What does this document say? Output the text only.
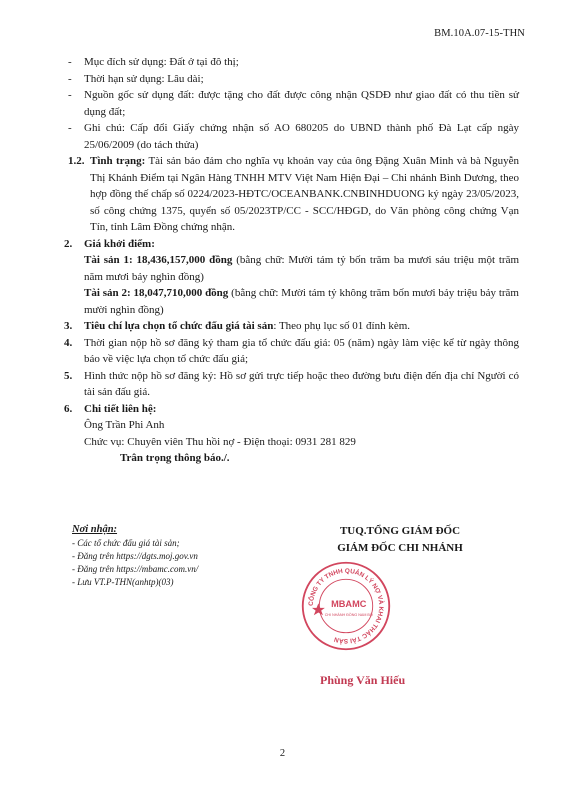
BM.10A.07-15-THN
- Mục đích sử dụng: Đất ở tại đô thị;
- Thời hạn sử dụng: Lâu dài;
- Nguồn gốc sử dụng đất: được tặng cho đất được công nhận QSDĐ như giao đất có thu tiền sử dụng đất;
- Ghi chú: Cấp đổi Giấy chứng nhận số AO 680205 do UBND thành phố Đà Lạt cấp ngày 25/06/2009 (do tách thửa)
1.2. Tình trạng: Tài sản bảo đảm cho nghĩa vụ khoản vay của ông Đặng Xuân Minh và bà Nguyễn Thị Khánh Điểm tại Ngân Hàng TNHH MTV Việt Nam Hiện Đại – Chi nhánh Bình Dương, theo hợp đồng thế chấp số 0224/2023-HĐTC/OCEANBANK.CNBINHDUONG ký ngày 23/05/2023, số công chứng 1375, quyển số 05/2023TP/CC - SCC/HĐGD, do Văn phòng công chứng Vạn Tín, tỉnh Lâm Đồng chứng nhận.
2. Giá khởi điểm:
Tài sản 1: 18,436,157,000 đồng (bằng chữ: Mười tám tỷ bốn trăm ba mươi sáu triệu một trăm năm mươi bảy nghìn đồng)
Tài sản 2: 18,047,710,000 đồng (bằng chữ: Mười tám tỷ không trăm bốn mươi bảy triệu bảy trăm mười nghìn đồng)
3. Tiêu chí lựa chọn tổ chức đấu giá tài sản: Theo phụ lục số 01 đính kèm.
4. Thời gian nộp hồ sơ đăng ký tham gia tổ chức đấu giá: 05 (năm) ngày làm việc kể từ ngày thông báo về việc lựa chọn tổ chức đấu giá;
5. Hình thức nộp hồ sơ đăng ký: Hồ sơ gửi trực tiếp hoặc theo đường bưu điện đến địa chỉ Người có tài sản đấu giá.
6. Chi tiết liên hệ:
Ông Trần Phi Anh
Chức vụ: Chuyên viên Thu hồi nợ - Điện thoại: 0931 281 829
Trân trọng thông báo./.
Nơi nhận:
- Các tổ chức đấu giá tài sản;
- Đăng trên https://dgts.moj.gov.vn
- Đăng trên https://mbamc.com.vn/
- Lưu VT.P-THN(anhtp)(03)
TUQ.TỔNG GIÁM ĐỐC
GIÁM ĐỐC CHI NHÁNH
CÔNG TY TNHH QUẢN LÝ NỢ VÀ KHAI THÁC TÀI SẢN
MBAMC
CHI NHÁNH ĐỒNG NAM BỘ
Phùng Văn Hiếu
2
